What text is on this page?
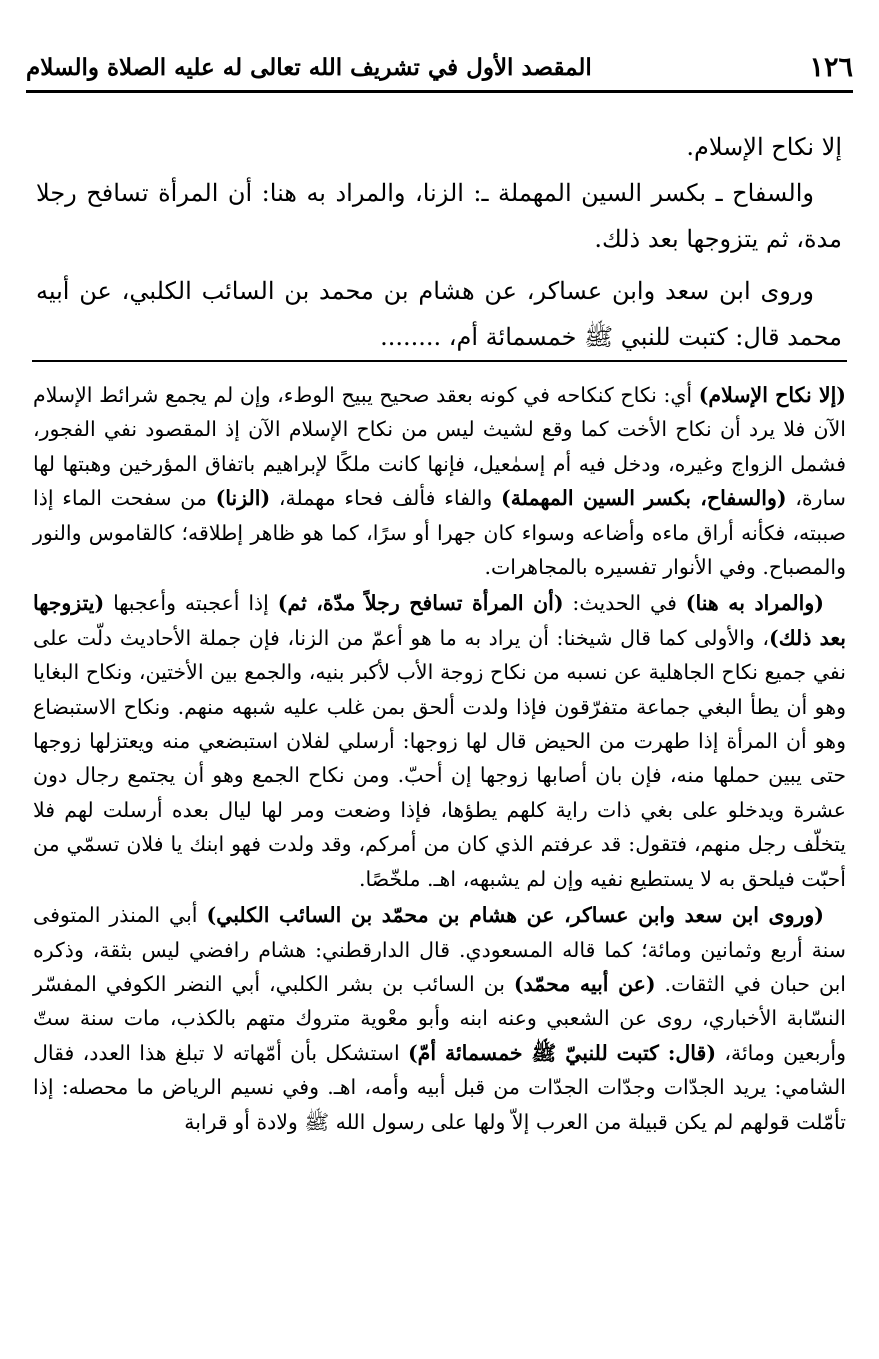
١٢٦
المقصد الأول في تشريف الله تعالى له عليه الصلاة والسلام

إلا نكاح الإسلام.

والسفاح ـ بكسر السين المهملة ـ: الزنا، والمراد به هنا: أن المرأة تسافح رجلا مدة، ثم يتزوجها بعد ذلك.

وروى ابن سعد وابن عساكر، عن هشام بن محمد بن السائب الكلبي، عن أبيه محمد قال: كتبت للنبي ﷺ خمسمائة أم، ........

(إلا نكاح الإسلام) أي: نكاح كنكاحه في كونه بعقد صحيح يبيح الوطء، وإن لم يجمع شرائط الإسلام الآن فلا يرد أن نكاح الأخت كما وقع لشيث ليس من نكاح الإسلام الآن إذ المقصود نفي الفجور، فشمل الزواج وغيره، ودخل فيه أم إسمٰعيل، فإنها كانت ملكًا لإبراهيم باتفاق المؤرخين وهبتها لها سارة، (والسفاح، بكسر السين المهملة) والفاء فألف فحاء مهملة، (الزنا) من سفحت الماء إذا صببته، فكأنه أراق ماءه وأضاعه وسواء كان جهرا أو سرًا، كما هو ظاهر إطلاقه؛ كالقاموس والنور والمصباح. وفي الأنوار تفسيره بالمجاهرات.

(والمراد به هنا) في الحديث: (أن المرأة تسافح رجلاً مدّة، ثم) إذا أعجبته وأعجبها (يتزوجها بعد ذلك)، والأولى كما قال شيخنا: أن يراد به ما هو أعمّ من الزنا، فإن جملة الأحاديث دلّت على نفي جميع نكاح الجاهلية عن نسبه من نكاح زوجة الأب لأكبر بنيه، والجمع بين الأختين، ونكاح البغايا وهو أن يطأ البغي جماعة متفرّقون فإذا ولدت ألحق بمن غلب عليه شبهه منهم. ونكاح الاستبضاع وهو أن المرأة إذا طهرت من الحيض قال لها زوجها: أرسلي لفلان استبضعي منه ويعتزلها زوجها حتى يبين حملها منه، فإن بان أصابها زوجها إن أحبّ. ومن نكاح الجمع وهو أن يجتمع رجال دون عشرة ويدخلو على بغي ذات راية كلهم يطؤها، فإذا وضعت ومر لها ليال بعده أرسلت لهم فلا يتخلّف رجل منهم، فتقول: قد عرفتم الذي كان من أمركم، وقد ولدت فهو ابنك يا فلان تسمّي من أحبّت فيلحق به لا يستطيع نفيه وإن لم يشبهه، اهـ. ملخّصًا.

(وروى ابن سعد وابن عساكر، عن هشام بن محمّد بن السائب الكلبي) أبي المنذر المتوفى سنة أربع وثمانين ومائة؛ كما قاله المسعودي. قال الدارقطني: هشام رافضي ليس بثقة، وذكره ابن حبان في الثقات. (عن أبيه محمّد) بن السائب بن بشر الكلبي، أبي النضر الكوفي المفسّر النسّابة الأخباري، روى عن الشعبي وعنه ابنه وأبو معْوية متروك متهم بالكذب، مات سنة ستّ وأربعين ومائة، (قال: كتبت للنبيّ ﷺ خمسمائة أمّ) استشكل بأن أمّهاته لا تبلغ هذا العدد، فقال الشامي: يريد الجدّات وجدّات الجدّات من قبل أبيه وأمه، اهـ. وفي نسيم الرياض ما محصله: إذا تأمّلت قولهم لم يكن قبيلة من العرب إلاّ ولها على رسول الله ﷺ ولادة أو قرابة
